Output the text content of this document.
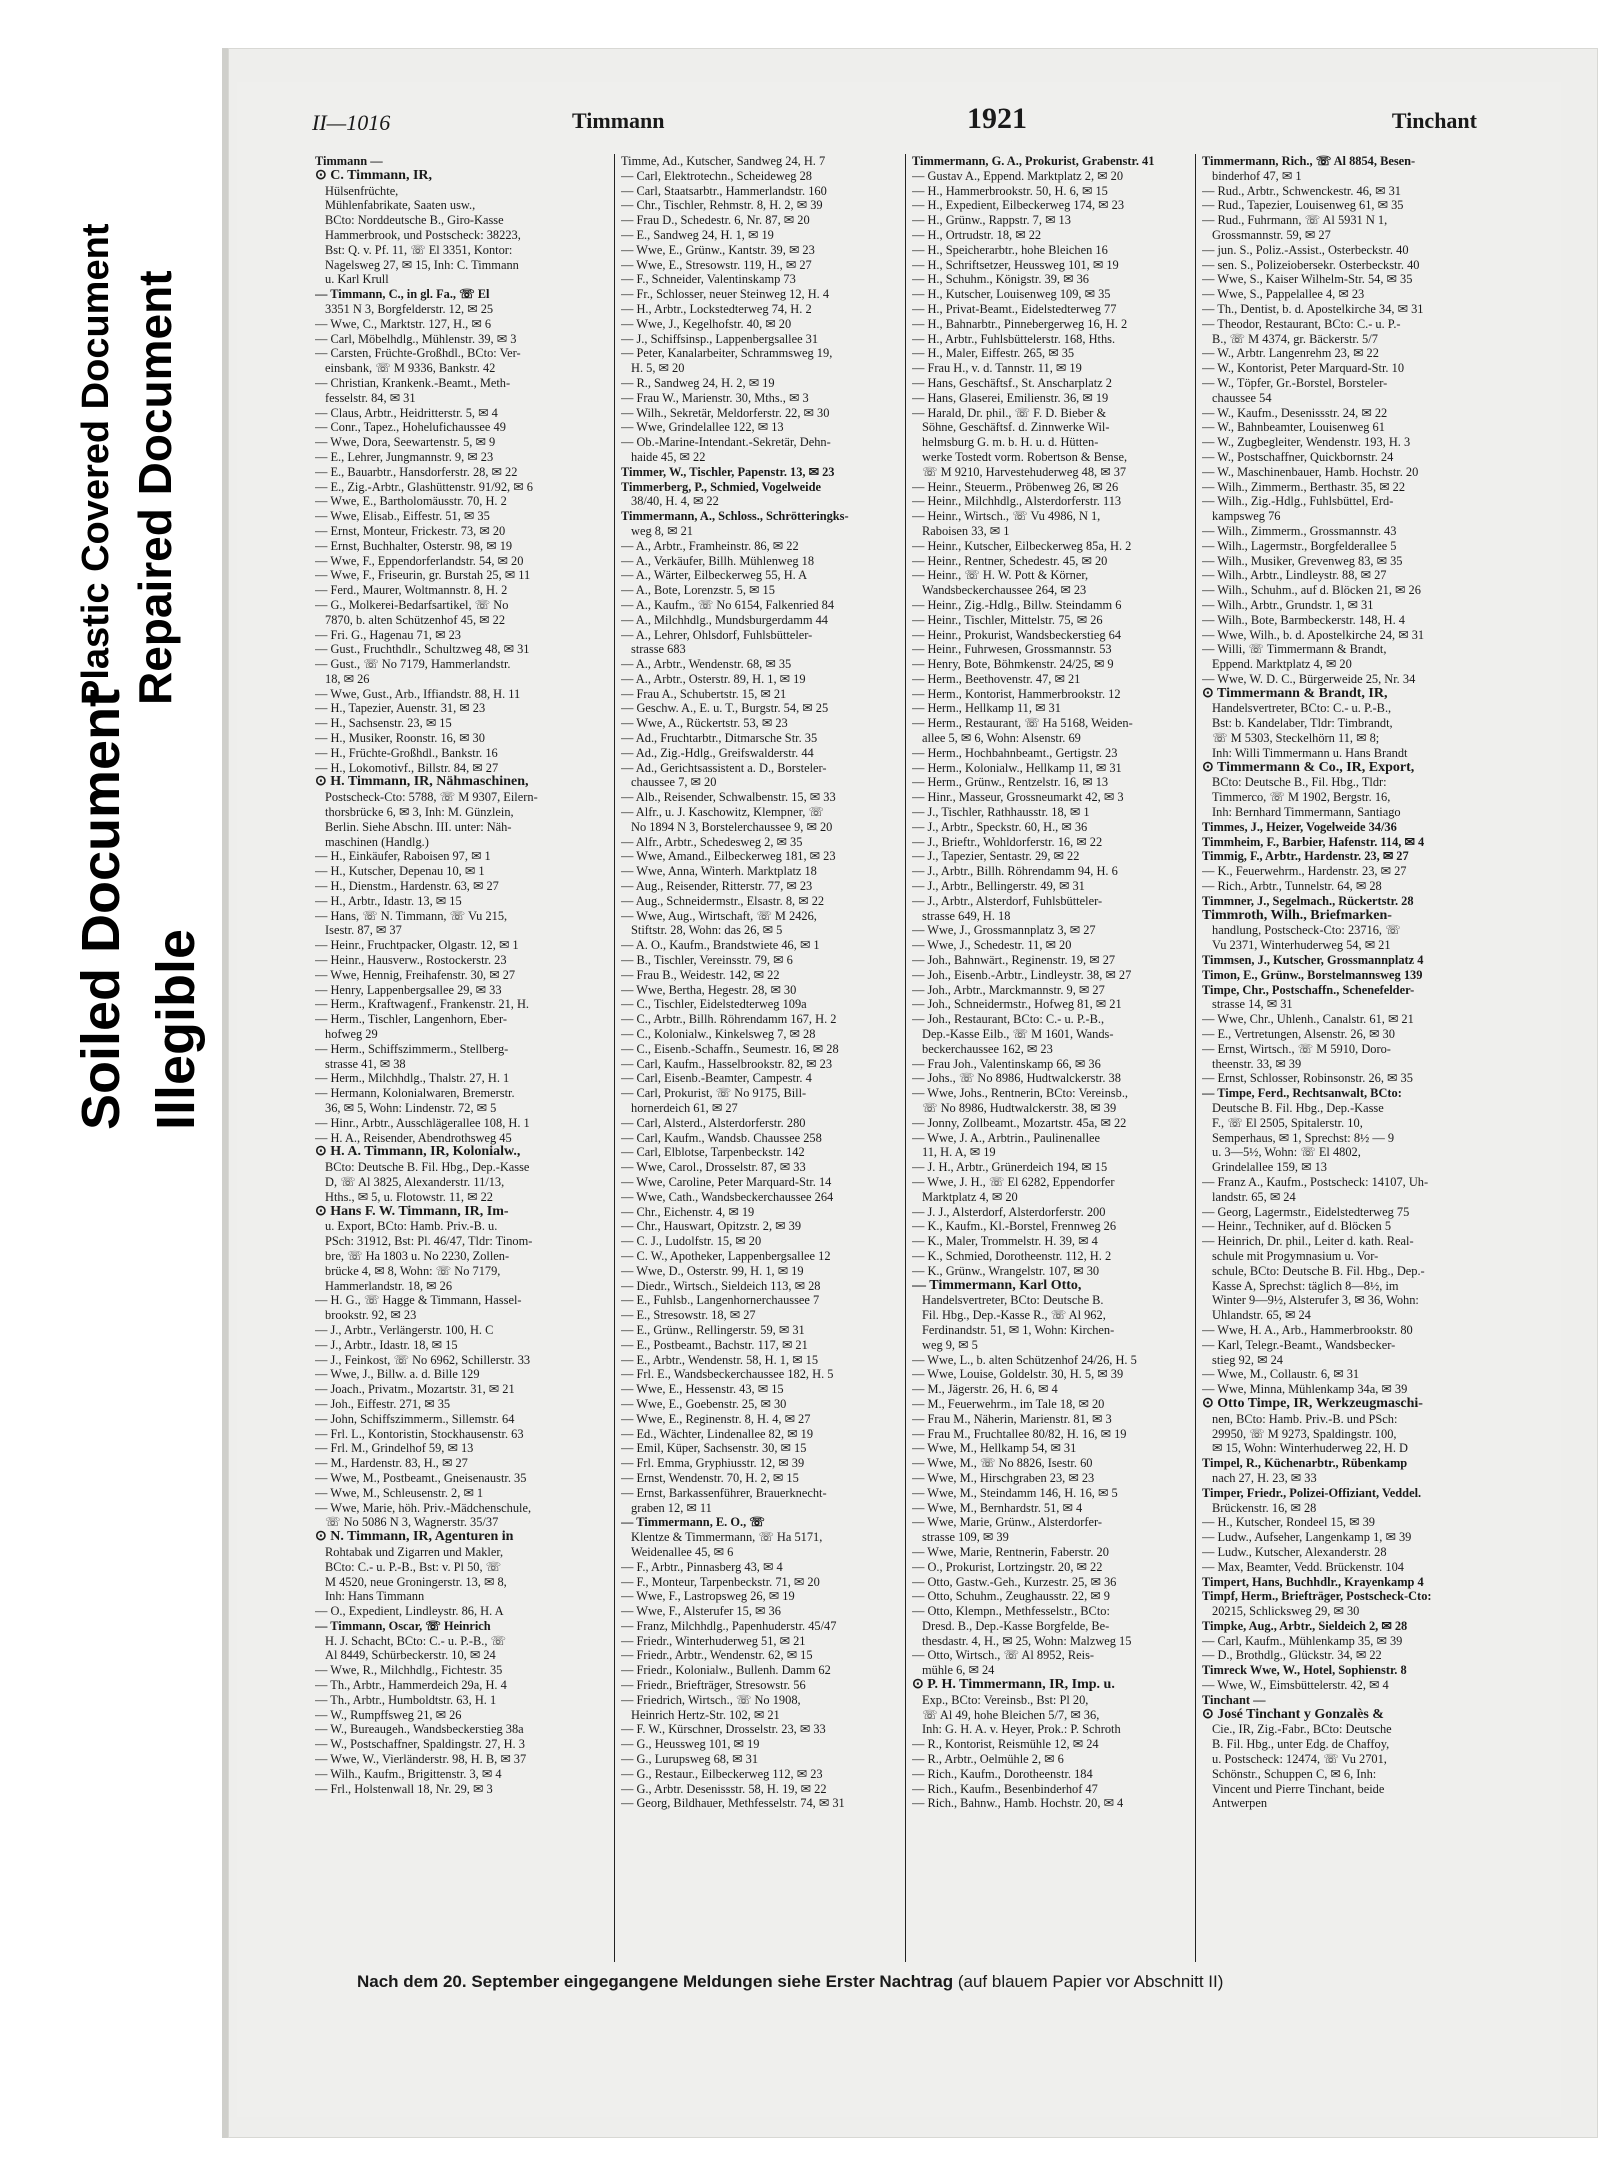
Soiled Document Illegible
Plastic Covered Document Repaired Document
II—1016	Timmann	1921	Tinchant

Timmann —

⊙ C. Timmann, IR,

Hülsenfrüchte,

Mühlenfabrikate, Saaten usw.,

BCto: Norddeutsche B., Giro-Kasse

Hammerbrook, und Postscheck: 38223,

Bst: Q. v. Pf. 11, ☏ El 3351, Kontor:

Nagelsweg 27, ✉ 15, Inh: C. Timmann

u. Karl Krull

— Timmann, C., in gl. Fa., ☏ El

3351 N 3, Borgfelderstr. 12, ✉ 25

— Wwe, C., Marktstr. 127, H., ✉ 6

— Carl, Möbelhdlg., Mühlenstr. 39, ✉ 3

— Carsten, Früchte-Großhdl., BCto: Ver-

einsbank, ☏ M 9336, Bankstr. 42

— Christian, Krankenk.-Beamt., Meth-

fesselstr. 84, ✉ 31

— Claus, Arbtr., Heidritterstr. 5, ✉ 4

— Conr., Tapez., Hohelufichaussee 49

— Wwe, Dora, Seewartenstr. 5, ✉ 9

— E., Lehrer, Jungmannstr. 9, ✉ 23

— E., Bauarbtr., Hansdorferstr. 28, ✉ 22

— E., Zig.-Arbtr., Glashüttenstr. 91/92, ✉ 6

— Wwe, E., Bartholomäusstr. 70, H. 2

— Wwe, Elisab., Eiffestr. 51, ✉ 35

— Ernst, Monteur, Frickestr. 73, ✉ 20

— Ernst, Buchhalter, Osterstr. 98, ✉ 19

— Wwe, F., Eppendorferlandstr. 54, ✉ 20

— Wwe, F., Friseurin, gr. Burstah 25, ✉ 11

— Ferd., Maurer, Woltmannstr. 8, H. 2

— G., Molkerei-Bedarfsartikel, ☏ No

7870, b. alten Schützenhof 45, ✉ 22

— Fri. G., Hagenau 71, ✉ 23

— Gust., Fruchthdlr., Schultzweg 48, ✉ 31

— Gust., ☏ No 7179, Hammerlandstr.

18, ✉ 26

— Wwe, Gust., Arb., Iffiandstr. 88, H. 11

— H., Tapezier, Auenstr. 31, ✉ 23

— H., Sachsenstr. 23, ✉ 15

— H., Musiker, Roonstr. 16, ✉ 30

— H., Früchte-Großhdl., Bankstr. 16

— H., Lokomotivf., Billstr. 84, ✉ 27

⊙ H. Timmann, IR, Nähmaschinen,

Postscheck-Cto: 5788, ☏ M 9307, Eilern-

thorsbrücke 6, ✉ 3, Inh: M. Günzlein,

Berlin. Siehe Abschn. III. unter: Näh-

maschinen (Handlg.)

— H., Einkäufer, Raboisen 97, ✉ 1

— H., Kutscher, Depenau 10, ✉ 1

— H., Dienstm., Hardenstr. 63, ✉ 27

— H., Arbtr., Idastr. 13, ✉ 15

— Hans, ☏ N. Timmann, ☏ Vu 215,

Isestr. 87, ✉ 37

— Heinr., Fruchtpacker, Olgastr. 12, ✉ 1

— Heinr., Hausverw., Rostockerstr. 23

— Wwe, Hennig, Freihafenstr. 30, ✉ 27

— Henry, Lappenbergsallee 29, ✉ 33

— Herm., Kraftwagenf., Frankenstr. 21, H.

— Herm., Tischler, Langenhorn, Eber-

hofweg 29

— Herm., Schiffszimmerm., Stellberg-

strasse 41, ✉ 38

— Herm., Milchhdlg., Thalstr. 27, H. 1

— Hermann, Kolonialwaren, Bremerstr.

36, ✉ 5, Wohn: Lindenstr. 72, ✉ 5

— Hinr., Arbtr., Ausschlägerallee 108, H. 1

— H. A., Reisender, Abendrothsweg 45

⊙ H. A. Timmann, IR, Kolonialw.,

BCto: Deutsche B. Fil. Hbg., Dep.-Kasse

D, ☏ Al 3825, Alexanderstr. 11/13,

Hths., ✉ 5, u. Flotowstr. 11, ✉ 22

⊙ Hans F. W. Timmann, IR, Im-

u. Export, BCto: Hamb. Priv.-B. u.

PSch: 31912, Bst: Pl. 46/47, Tldr: Tinom-

bre, ☏ Ha 1803 u. No 2230, Zollen-

brücke 4, ✉ 8, Wohn: ☏ No 7179,

Hammerlandstr. 18, ✉ 26

— H. G., ☏ Hagge & Timmann, Hassel-

brookstr. 92, ✉ 23

— J., Arbtr., Verlängerstr. 100, H. C

— J., Arbtr., Idastr. 18, ✉ 15

— J., Feinkost, ☏ No 6962, Schillerstr. 33

— Wwe, J., Billw. a. d. Bille 129

— Joach., Privatm., Mozartstr. 31, ✉ 21

— Joh., Eiffestr. 271, ✉ 35

— John, Schiffszimmerm., Sillemstr. 64

— Frl. L., Kontoristin, Stockhausenstr. 63

— Frl. M., Grindelhof 59, ✉ 13

— M., Hardenstr. 83, H., ✉ 27

— Wwe, M., Postbeamt., Gneisenaustr. 35

— Wwe, M., Schleusenstr. 2, ✉ 1

— Wwe, Marie, höh. Priv.-Mädchenschule,

☏ No 5086 N 3, Wagnerstr. 35/37

⊙ N. Timmann, IR, Agenturen in

Rohtabak und Zigarren und Makler,

BCto: C.- u. P.-B., Bst: v. Pl 50, ☏

M 4520, neue Groningerstr. 13, ✉ 8,

Inh: Hans Timmann

— O., Expedient, Lindleystr. 86, H. A

— Timmann, Oscar, ☏ Heinrich

H. J. Schacht, BCto: C.- u. P.-B., ☏

Al 8449, Schürbeckerstr. 10, ✉ 24

— Wwe, R., Milchhdlg., Fichtestr. 35

— Th., Arbtr., Hammerdeich 29a, H. 4

— Th., Arbtr., Humboldtstr. 63, H. 1

— W., Rumpffsweg 21, ✉ 26

— W., Bureaugeh., Wandsbeckerstieg 38a

— W., Postschaffner, Spaldingstr. 27, H. 3

— Wwe, W., Vierländerstr. 98, H. B, ✉ 37

— Wilh., Kaufm., Brigittenstr. 3, ✉ 4

— Frl., Holstenwall 18, Nr. 29, ✉ 3

Timme, Ad., Kutscher, Sandweg 24, H. 7

— Carl, Elektrotechn., Scheideweg 28

— Carl, Staatsarbtr., Hammerlandstr. 160

— Chr., Tischler, Rehmstr. 8, H. 2, ✉ 39

— Frau D., Schedestr. 6, Nr. 87, ✉ 20

— E., Sandweg 24, H. 1, ✉ 19

— Wwe, E., Grünw., Kantstr. 39, ✉ 23

— Wwe, E., Stresowstr. 119, H., ✉ 27

— F., Schneider, Valentinskamp 73

— Fr., Schlosser, neuer Steinweg 12, H. 4

— H., Arbtr., Lockstedterweg 74, H. 2

— Wwe, J., Kegelhofstr. 40, ✉ 20

— J., Schiffsinsp., Lappenbergsallee 31

— Peter, Kanalarbeiter, Schrammsweg 19,

H. 5, ✉ 20

— R., Sandweg 24, H. 2, ✉ 19

— Frau W., Marienstr. 30, Mths., ✉ 3

— Wilh., Sekretär, Meldorferstr. 22, ✉ 30

— Wwe, Grindelallee 122, ✉ 13

— Ob.-Marine-Intendant.-Sekretär, Dehn-

haide 45, ✉ 22

Timmer, W., Tischler, Papenstr. 13, ✉ 23

Timmerberg, P., Schmied, Vogelweide

38/40, H. 4, ✉ 22

Timmermann, A., Schloss., Schrötteringks-

weg 8, ✉ 21

— A., Arbtr., Framheinstr. 86, ✉ 22

— A., Verkäufer, Billh. Mühlenweg 18

— A., Wärter, Eilbeckerweg 55, H. A

— A., Bote, Lorenzstr. 5, ✉ 15

— A., Kaufm., ☏ No 6154, Falkenried 84

— A., Milchhdlg., Mundsburgerdamm 44

— A., Lehrer, Ohlsdorf, Fuhlsbütteler-

strasse 683

— A., Arbtr., Wendenstr. 68, ✉ 35

— A., Arbtr., Osterstr. 89, H. 1, ✉ 19

— Frau A., Schubertstr. 15, ✉ 21

— Geschw. A., E. u. T., Burgstr. 54, ✉ 25

— Wwe, A., Rückertstr. 53, ✉ 23

— Ad., Fruchtarbtr., Ditmarsche Str. 35

— Ad., Zig.-Hdlg., Greifswalderstr. 44

— Ad., Gerichtsassistent a. D., Borsteler-

chaussee 7, ✉ 20

— Alb., Reisender, Schwalbenstr. 15, ✉ 33

— Alfr., u. J. Kaschowitz, Klempner, ☏

No 1894 N 3, Borstelerchaussee 9, ✉ 20

— Alfr., Arbtr., Schedesweg 2, ✉ 35

— Wwe, Amand., Eilbeckerweg 181, ✉ 23

— Wwe, Anna, Winterh. Marktplatz 18

— Aug., Reisender, Ritterstr. 77, ✉ 23

— Aug., Schneidermstr., Elsastr. 8, ✉ 22

— Wwe, Aug., Wirtschaft, ☏ M 2426,

Stiftstr. 28, Wohn: das 26, ✉ 5

— A. O., Kaufm., Brandstwiete 46, ✉ 1

— B., Tischler, Vereinsstr. 79, ✉ 6

— Frau B., Weidestr. 142, ✉ 22

— Wwe, Bertha, Hegestr. 28, ✉ 30

— C., Tischler, Eidelstedterweg 109a

— C., Arbtr., Billh. Röhrendamm 167, H. 2

— C., Kolonialw., Kinkelsweg 7, ✉ 28

— C., Eisenb.-Schaffn., Seumestr. 16, ✉ 28

— Carl, Kaufm., Hasselbrookstr. 82, ✉ 23

— Carl, Eisenb.-Beamter, Campestr. 4

— Carl, Prokurist, ☏ No 9175, Bill-

hornerdeich 61, ✉ 27

— Carl, Alsterd., Alsterdorferstr. 280

— Carl, Kaufm., Wandsb. Chaussee 258

— Carl, Elblotse, Tarpenbeckstr. 142

— Wwe, Carol., Drosselstr. 87, ✉ 33

— Wwe, Caroline, Peter Marquard-Str. 14

— Wwe, Cath., Wandsbeckerchaussee 264

— Chr., Eichenstr. 4, ✉ 19

— Chr., Hauswart, Opitzstr. 2, ✉ 39

— C. J., Ludolfstr. 15, ✉ 20

— C. W., Apotheker, Lappenbergsallee 12

— Wwe, D., Osterstr. 99, H. 1, ✉ 19

— Diedr., Wirtsch., Sieldeich 113, ✉ 28

— E., Fuhlsb., Langenhornerchaussee 7

— E., Stresowstr. 18, ✉ 27

— E., Grünw., Rellingerstr. 59, ✉ 31

— E., Postbeamt., Bachstr. 117, ✉ 21

— E., Arbtr., Wendenstr. 58, H. 1, ✉ 15

— Frl. E., Wandsbeckerchaussee 182, H. 5

— Wwe, E., Hessenstr. 43, ✉ 15

— Wwe, E., Goebenstr. 25, ✉ 30

— Wwe, E., Reginenstr. 8, H. 4, ✉ 27

— Ed., Wächter, Lindenallee 82, ✉ 19

— Emil, Küper, Sachsenstr. 30, ✉ 15

— Frl. Emma, Gryphiusstr. 12, ✉ 39

— Ernst, Wendenstr. 70, H. 2, ✉ 15

— Ernst, Barkassenführer, Brauerknecht-

graben 12, ✉ 11

— Timmermann, E. O., ☏

Klentze & Timmermann, ☏ Ha 5171,

Weidenallee 45, ✉ 6

— F., Arbtr., Pinnasberg 43, ✉ 4

— F., Monteur, Tarpenbeckstr. 71, ✉ 20

— Wwe, F., Lastropsweg 26, ✉ 19

— Wwe, F., Alsterufer 15, ✉ 36

— Franz, Milchhdlg., Papenhuderstr. 45/47

— Friedr., Winterhuderweg 51, ✉ 21

— Friedr., Arbtr., Wendenstr. 62, ✉ 15

— Friedr., Kolonialw., Bullenh. Damm 62

— Friedr., Briefträger, Stresowstr. 56

— Friedrich, Wirtsch., ☏ No 1908,

Heinrich Hertz-Str. 102, ✉ 21

— F. W., Kürschner, Drosselstr. 23, ✉ 33

— G., Heussweg 101, ✉ 19

— G., Lurupsweg 68, ✉ 31

— G., Restaur., Eilbeckerweg 112, ✉ 23

— G., Arbtr. Desenissstr. 58, H. 19, ✉ 22

— Georg, Bildhauer, Methfesselstr. 74, ✉ 31

Timmermann, G. A., Prokurist, Grabenstr. 41

— Gustav A., Eppend. Marktplatz 2, ✉ 20

— H., Hammerbrookstr. 50, H. 6, ✉ 15

— H., Expedient, Eilbeckerweg 174, ✉ 23

— H., Grünw., Rappstr. 7, ✉ 13

— H., Ortrudstr. 18, ✉ 22

— H., Speicherarbtr., hohe Bleichen 16

— H., Schriftsetzer, Heussweg 101, ✉ 19

— H., Schuhm., Königstr. 39, ✉ 36

— H., Kutscher, Louisenweg 109, ✉ 35

— H., Privat-Beamt., Eidelstedterweg 77

— H., Bahnarbtr., Pinnebergerweg 16, H. 2

— H., Arbtr., Fuhlsbüttelerstr. 168, Hths.

— H., Maler, Eiffestr. 265, ✉ 35

— Frau H., v. d. Tannstr. 11, ✉ 19

— Hans, Geschäftsf., St. Anscharplatz 2

— Hans, Glaserei, Emilienstr. 36, ✉ 19

— Harald, Dr. phil., ☏ F. D. Bieber &

Söhne, Geschäftsf. d. Zinnwerke Wil-

helmsburg G. m. b. H. u. d. Hütten-

werke Tostedt vorm. Robertson & Bense,

☏ M 9210, Harvestehuderweg 48, ✉ 37

— Heinr., Steuerm., Pröbenweg 26, ✉ 26

— Heinr., Milchhdlg., Alsterdorferstr. 113

— Heinr., Wirtsch., ☏ Vu 4986, N 1,

Raboisen 33, ✉ 1

— Heinr., Kutscher, Eilbeckerweg 85a, H. 2

— Heinr., Rentner, Schedestr. 45, ✉ 20

— Heinr., ☏ H. W. Pott & Körner,

Wandsbeckerchaussee 264, ✉ 23

— Heinr., Zig.-Hdlg., Billw. Steindamm 6

— Heinr., Tischler, Mittelstr. 75, ✉ 26

— Heinr., Prokurist, Wandsbeckerstieg 64

— Heinr., Fuhrwesen, Grossmannstr. 53

— Henry, Bote, Böhmkenstr. 24/25, ✉ 9

— Herm., Beethovenstr. 47, ✉ 21

— Herm., Kontorist, Hammerbrookstr. 12

— Herm., Hellkamp 11, ✉ 31

— Herm., Restaurant, ☏ Ha 5168, Weiden-

allee 5, ✉ 6, Wohn: Alsenstr. 69

— Herm., Hochbahnbeamt., Gertigstr. 23

— Herm., Kolonialw., Hellkamp 11, ✉ 31

— Herm., Grünw., Rentzelstr. 16, ✉ 13

— Hinr., Masseur, Grossneumarkt 42, ✉ 3

— J., Tischler, Rathhausstr. 18, ✉ 1

— J., Arbtr., Speckstr. 60, H., ✉ 36

— J., Brieftr., Wohldorferstr. 16, ✉ 22

— J., Tapezier, Sentastr. 29, ✉ 22

— J., Arbtr., Billh. Röhrendamm 94, H. 6

— J., Arbtr., Bellingerstr. 49, ✉ 31

— J., Arbtr., Alsterdorf, Fuhlsbütteler-

strasse 649, H. 18

— Wwe, J., Grossmannplatz 3, ✉ 27

— Wwe, J., Schedestr. 11, ✉ 20

— Joh., Bahnwärt., Reginenstr. 19, ✉ 27

— Joh., Eisenb.-Arbtr., Lindleystr. 38, ✉ 27

— Joh., Arbtr., Marckmannstr. 9, ✉ 27

— Joh., Schneidermstr., Hofweg 81, ✉ 21

— Joh., Restaurant, BCto: C.- u. P.-B.,

Dep.-Kasse Eilb., ☏ M 1601, Wands-

beckerchaussee 162, ✉ 23

— Frau Joh., Valentinskamp 66, ✉ 36

— Johs., ☏ No 8986, Hudtwalckerstr. 38

— Wwe, Johs., Rentnerin, BCto: Vereinsb.,

☏ No 8986, Hudtwalckerstr. 38, ✉ 39

— Jonny, Zollbeamt., Mozartstr. 45a, ✉ 22

— Wwe, J. A., Arbtrin., Paulinenallee

11, H. A, ✉ 19

— J. H., Arbtr., Grünerdeich 194, ✉ 15

— Wwe, J. H., ☏ El 6282, Eppendorfer

Marktplatz 4, ✉ 20

— J. J., Alsterdorf, Alsterdorferstr. 200

— K., Kaufm., Kl.-Borstel, Frennweg 26

— K., Maler, Trommelstr. H. 39, ✉ 4

— K., Schmied, Dorotheenstr. 112, H. 2

— K., Grünw., Wrangelstr. 107, ✉ 30

— Timmermann, Karl Otto,

Handelsvertreter, BCto: Deutsche B.

Fil. Hbg., Dep.-Kasse R., ☏ Al 962,

Ferdinandstr. 51, ✉ 1, Wohn: Kirchen-

weg 9, ✉ 5

— Wwe, L., b. alten Schützenhof 24/26, H. 5

— Wwe, Louise, Goldelstr. 30, H. 5, ✉ 39

— M., Jägerstr. 26, H. 6, ✉ 4

— M., Feuerwehrm., im Tale 18, ✉ 20

— Frau M., Näherin, Marienstr. 81, ✉ 3

— Frau M., Fruchtallee 80/82, H. 16, ✉ 19

— Wwe, M., Hellkamp 54, ✉ 31

— Wwe, M., ☏ No 8826, Isestr. 60

— Wwe, M., Hirschgraben 23, ✉ 23

— Wwe, M., Steindamm 146, H. 16, ✉ 5

— Wwe, M., Bernhardstr. 51, ✉ 4

— Wwe, Marie, Grünw., Alsterdorfer-

strasse 109, ✉ 39

— Wwe, Marie, Rentnerin, Faberstr. 20

— O., Prokurist, Lortzingstr. 20, ✉ 22

— Otto, Gastw.-Geh., Kurzestr. 25, ✉ 36

— Otto, Schuhm., Zeughausstr. 22, ✉ 9

— Otto, Klempn., Methfesselstr., BCto:

Dresd. B., Dep.-Kasse Borgfelde, Be-

thesdastr. 4, H., ✉ 25, Wohn: Malzweg 15

— Otto, Wirtsch., ☏ Al 8952, Reis-

mühle 6, ✉ 24

⊙ P. H. Timmermann, IR, Imp. u.

Exp., BCto: Vereinsb., Bst: Pl 20,

☏ Al 49, hohe Bleichen 5/7, ✉ 36,

Inh: G. H. A. v. Heyer, Prok.: P. Schroth

— R., Kontorist, Reismühle 12, ✉ 24

— R., Arbtr., Oelmühle 2, ✉ 6

— Rich., Kaufm., Dorotheenstr. 184

— Rich., Kaufm., Besenbinderhof 47

— Rich., Bahnw., Hamb. Hochstr. 20, ✉ 4

Timmermann, Rich., ☏ Al 8854, Besen-

binderhof 47, ✉ 1

— Rud., Arbtr., Schwenckestr. 46, ✉ 31

— Rud., Tapezier, Louisenweg 61, ✉ 35

— Rud., Fuhrmann, ☏ Al 5931 N 1,

Grossmannstr. 59, ✉ 27

— jun. S., Poliz.-Assist., Osterbeckstr. 40

— sen. S., Polizeiobersekr. Osterbeckstr. 40

— Wwe, S., Kaiser Wilhelm-Str. 54, ✉ 35

— Wwe, S., Pappelallee 4, ✉ 23

— Th., Dentist, b. d. Apostelkirche 34, ✉ 31

— Theodor, Restaurant, BCto: C.- u. P.-

B., ☏ M 4374, gr. Bäckerstr. 5/7

— W., Arbtr. Langenrehm 23, ✉ 22

— W., Kontorist, Peter Marquard-Str. 10

— W., Töpfer, Gr.-Borstel, Borsteler-

chaussee 54

— W., Kaufm., Desenissstr. 24, ✉ 22

— W., Bahnbeamter, Louisenweg 61

— W., Zugbegleiter, Wendenstr. 193, H. 3

— W., Postschaffner, Quickbornstr. 24

— W., Maschinenbauer, Hamb. Hochstr. 20

— Wilh., Zimmerm., Berthastr. 35, ✉ 22

— Wilh., Zig.-Hdlg., Fuhlsbüttel, Erd-

kampsweg 76

— Wilh., Zimmerm., Grossmannstr. 43

— Wilh., Lagermstr., Borgfelderallee 5

— Wilh., Musiker, Grevenweg 83, ✉ 35

— Wilh., Arbtr., Lindleystr. 88, ✉ 27

— Wilh., Schuhm., auf d. Blöcken 21, ✉ 26

— Wilh., Arbtr., Grundstr. 1, ✉ 31

— Wilh., Bote, Barmbeckerstr. 148, H. 4

— Wwe, Wilh., b. d. Apostelkirche 24, ✉ 31

— Willi, ☏ Timmermann & Brandt,

Eppend. Marktplatz 4, ✉ 20

— Wwe, W. D. C., Bürgerweide 25, Nr. 34

⊙ Timmermann & Brandt, IR,

Handelsvertreter, BCto: C.- u. P.-B.,

Bst: b. Kandelaber, Tldr: Timbrandt,

☏ M 5303, Steckelhörn 11, ✉ 8;

Inh: Willi Timmermann u. Hans Brandt

⊙ Timmermann & Co., IR, Export,

BCto: Deutsche B., Fil. Hbg., Tldr:

Timmerco, ☏ M 1902, Bergstr. 16,

Inh: Bernhard Timmermann, Santiago

Timmes, J., Heizer, Vogelweide 34/36

Timmheim, F., Barbier, Hafenstr. 114, ✉ 4

Timmig, F., Arbtr., Hardenstr. 23, ✉ 27

— K., Feuerwehrm., Hardenstr. 23, ✉ 27

— Rich., Arbtr., Tunnelstr. 64, ✉ 28

Timmner, J., Segelmach., Rückertstr. 28

Timmroth, Wilh., Briefmarken-

handlung, Postscheck-Cto: 23716, ☏

Vu 2371, Winterhuderweg 54, ✉ 21

Timmsen, J., Kutscher, Grossmannplatz 4

Timon, E., Grünw., Borstelmannsweg 139

Timpe, Chr., Postschaffn., Schenefelder-

strasse 14, ✉ 31

— Wwe, Chr., Uhlenh., Canalstr. 61, ✉ 21

— E., Vertretungen, Alsenstr. 26, ✉ 30

— Ernst, Wirtsch., ☏ M 5910, Doro-

theenstr. 33, ✉ 39

— Ernst, Schlosser, Robinsonstr. 26, ✉ 35

— Timpe, Ferd., Rechtsanwalt, BCto:

Deutsche B. Fil. Hbg., Dep.-Kasse

F., ☏ El 2505, Spitalerstr. 10,

Semperhaus, ✉ 1, Sprechst: 8½ — 9

u. 3—5½, Wohn: ☏ El 4802,

Grindelallee 159, ✉ 13

— Franz A., Kaufm., Postscheck: 14107, Uh-

landstr. 65, ✉ 24

— Georg, Lagermstr., Eidelstedterweg 75

— Heinr., Techniker, auf d. Blöcken 5

— Heinrich, Dr. phil., Leiter d. kath. Real-

schule mit Progymnasium u. Vor-

schule, BCto: Deutsche B. Fil. Hbg., Dep.-

Kasse A, Sprechst: täglich 8—8½, im

Winter 9—9½, Alsterufer 3, ✉ 36, Wohn:

Uhlandstr. 65, ✉ 24

— Wwe, H. A., Arb., Hammerbrookstr. 80

— Karl, Telegr.-Beamt., Wandsbecker-

stieg 92, ✉ 24

— Wwe, M., Collaustr. 6, ✉ 31

— Wwe, Minna, Mühlenkamp 34a, ✉ 39

⊙ Otto Timpe, IR, Werkzeugmaschi-

nen, BCto: Hamb. Priv.-B. und PSch:

29950, ☏ M 9273, Spaldingstr. 100,

✉ 15, Wohn: Winterhuderweg 22, H. D

Timpel, R., Küchenarbtr., Rübenkamp

nach 27, H. 23, ✉ 33

Timper, Friedr., Polizei-Offiziant, Veddel.

Brückenstr. 16, ✉ 28

— H., Kutscher, Rondeel 15, ✉ 39

— Ludw., Aufseher, Langenkamp 1, ✉ 39

— Ludw., Kutscher, Alexanderstr. 28

— Max, Beamter, Vedd. Brückenstr. 104

Timpert, Hans, Buchhdlr., Krayenkamp 4

Timpf, Herm., Briefträger, Postscheck-Cto:

20215, Schlicksweg 29, ✉ 30

Timpke, Aug., Arbtr., Sieldeich 2, ✉ 28

— Carl, Kaufm., Mühlenkamp 35, ✉ 39

— D., Brothdlg., Glückstr. 34, ✉ 22

Timreck Wwe, W., Hotel, Sophienstr. 8

— Wwe, W., Eimsbüttelerstr. 42, ✉ 4

Tinchant —

⊙ José Tinchant y Gonzalès &

Cie., IR, Zig.-Fabr., BCto: Deutsche

B. Fil. Hbg., unter Edg. de Chaffoy,

u. Postscheck: 12474, ☏ Vu 2701,

Schönstr., Schuppen C, ✉ 6, Inh:

Vincent und Pierre Tinchant, beide

Antwerpen

Nach dem 20. September eingegangene Meldungen siehe Erster Nachtrag (auf blauem Papier vor Abschnitt II)
